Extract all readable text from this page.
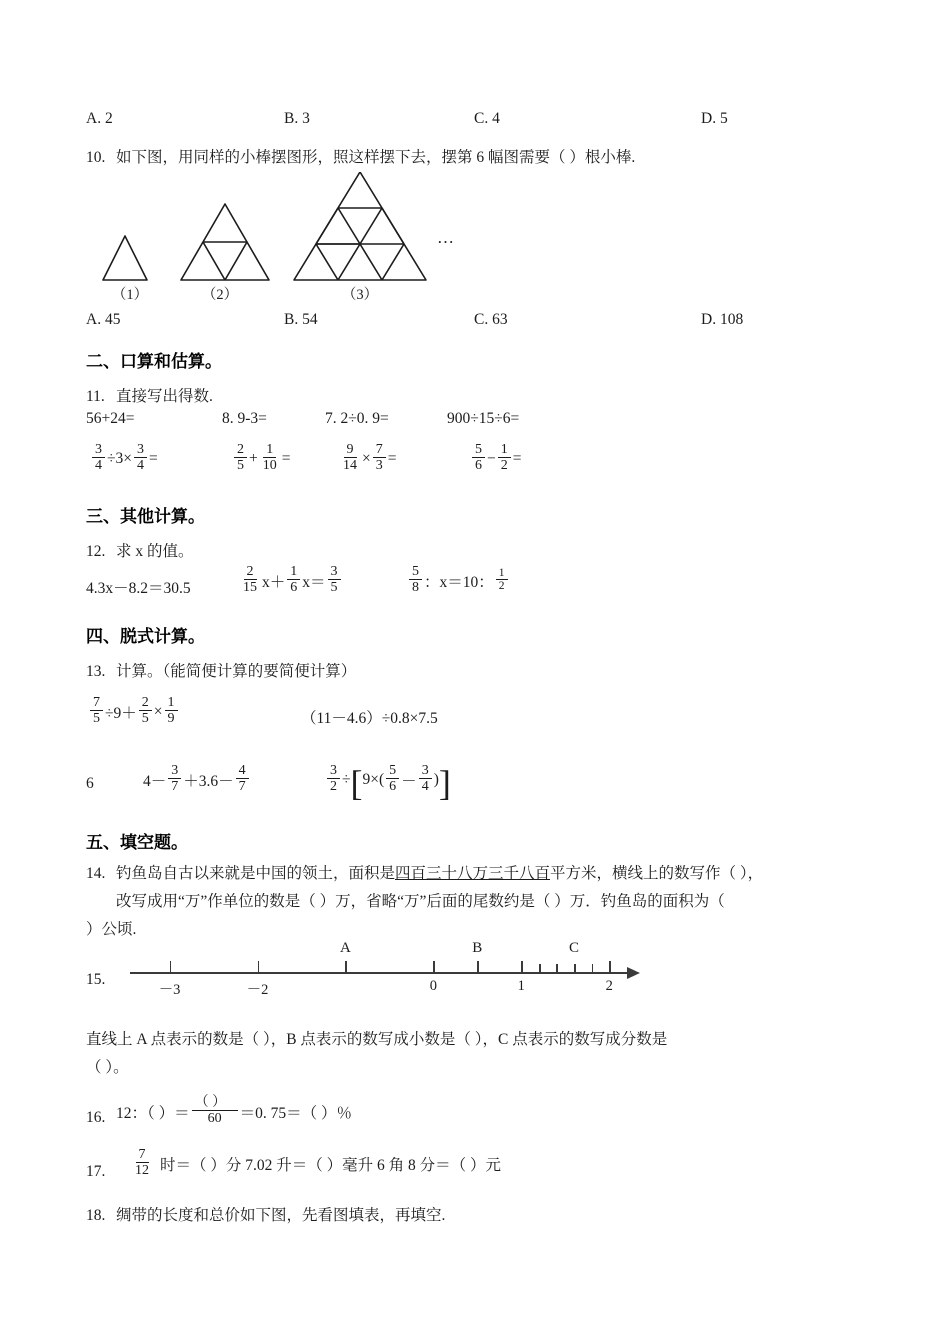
A. 2	B. 3	C. 4	D. 5
10. 如下图，用同样的小棒摆图形，照这样摆下去，摆第 6 幅图需要（ ）根小棒.
（1）	（2）	（3）
…
A. 45	B. 54	C. 63	D. 108
二、口算和估算。
11. 直接写出得数.
56+24=	8. 9-3=	7. 2÷0. 9=	900÷15÷6=
$\frac{3}{4} \div 3\times \frac{3}{4}$ =	$\frac{2}{5} + \frac{1}{10}$ =	$\frac{9}{14} \times \frac{7}{3}$ =	$\frac{5}{6} - \frac{1}{2}$ =
三、其他计算。
12. 求 x 的值。
4.3x－8.2＝30.5	$\frac{2}{15} x+ \frac{1}{6} x= \frac{3}{5}$	$\frac{5}{8}$ ：x＝10： $\frac{1}{2}$
四、脱式计算。
13. 计算。（能简便计算的要简便计算）
$\frac{7}{5} \div 9+ \frac{2}{5} \times \frac{1}{9}$	（11－4.6）÷0.8×7.5
6	$4- \frac{3}{7} +3.6- \frac{4}{7}$	$\frac{3}{2}$ ÷ [ $9\times( \frac{5}{6} - \frac{3}{4}$ ) ]
五、填空题。
14. 钓鱼岛自古以来就是中国的领土，面积是四百三十八万三千八百平方米，横线上的数写作（ ），
改写成用“万”作单位的数是（ ）万，省略“万”后面的尾数约是（ ）万．钓鱼岛的面积为（
）公顷.
15.
－3	－2	0	1	2
A	B	C
直线上 A 点表示的数是（ ），B 点表示的数写成小数是（ ），C 点表示的数写成分数是
（ ）。
16. 12：（ ）＝ $\frac{( )}{60} =0$. 75＝（ ）％
17. $\frac{7}{12}$ 时＝（ ）分 7.02 升＝（ ）毫升 6 角 8 分＝（ ）元
18. 绸带的长度和总价如下图，先看图填表，再填空.
